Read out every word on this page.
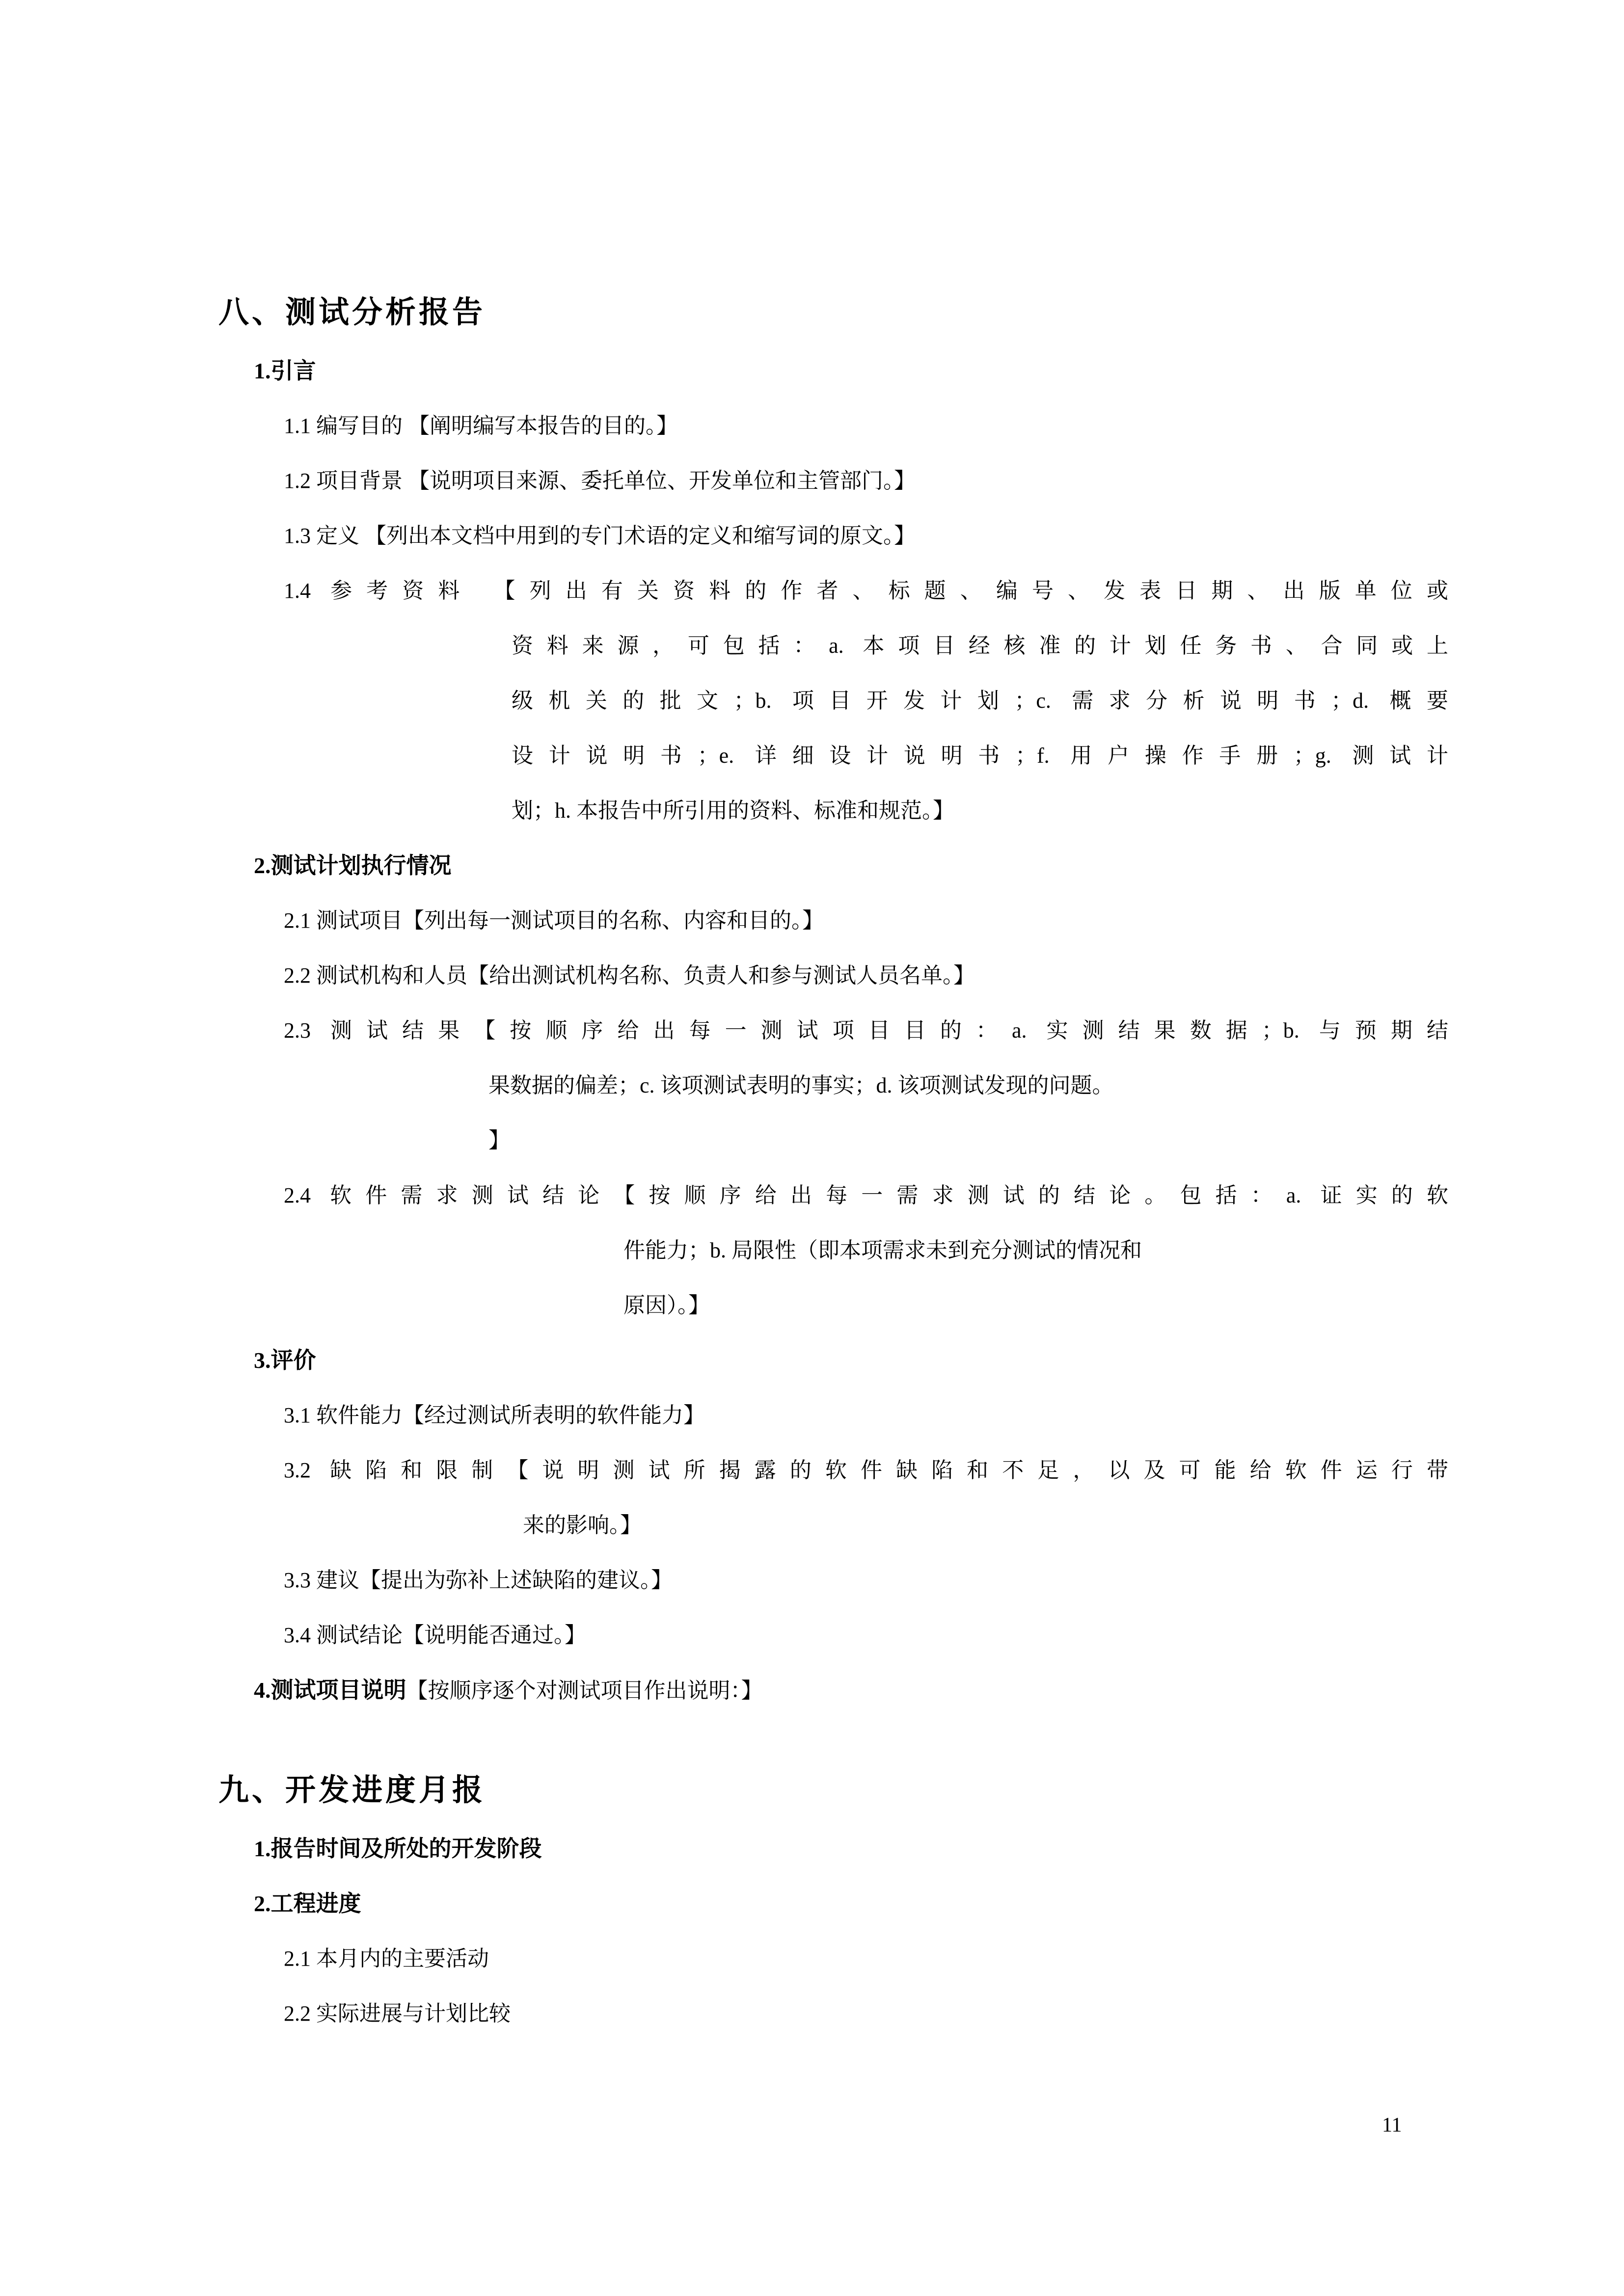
八、测试分析报告
1.引言
1.1 编写目的 【阐明编写本报告的目的。】
1.2 项目背景 【说明项目来源、委托单位、开发单位和主管部门。】
1.3 定义 【列出本文档中用到的专门术语的定义和缩写词的原文。】
1.4 参考资料 【列出有关资料的作者、标题、编号、发表日期、出版单位或
资料来源，可包括：a. 本项目经核准的计划任务书、合同或上
级机关的批文；b. 项目开发计划；c. 需求分析说明书；d. 概要
设计说明书；e. 详细设计说明书；f. 用户操作手册；g. 测试计
划；h. 本报告中所引用的资料、标准和规范。】
2.测试计划执行情况
2.1 测试项目【列出每一测试项目的名称、内容和目的。】
2.2 测试机构和人员【给出测试机构名称、负责人和参与测试人员名单。】
2.3 测试结果【按顺序给出每一测试项目目的：a. 实测结果数据；b. 与预期结
果数据的偏差；c. 该项测试表明的事实；d. 该项测试发现的问题。
】
2.4 软件需求测试结论【按顺序给出每一需求测试的结论。包括：a. 证实的软
件能力；b. 局限性（即本项需求未到充分测试的情况和
原因）。】
3.评价
3.1 软件能力【经过测试所表明的软件能力】
3.2 缺陷和限制【说明测试所揭露的软件缺陷和不足，以及可能给软件运行带
来的影响。】
3.3 建议【提出为弥补上述缺陷的建议。】
3.4 测试结论【说明能否通过。】
4.测试项目说明【按顺序逐个对测试项目作出说明：】
九、开发进度月报
1.报告时间及所处的开发阶段
2.工程进度
2.1 本月内的主要活动
2.2 实际进展与计划比较
11
